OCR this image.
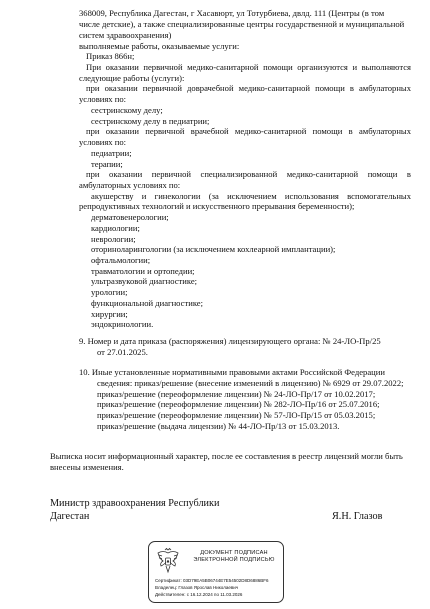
368009, Республика Дагестан, г Хасавюрт, ул Тотурбиева, двлд. 111 (Центры (в том
числе детские), а также специализированные центры государственной и муниципальной
систем здравоохранения)
выполняемые работы, оказываемые услуги:
Приказ 866н;
При оказании первичной медико-санитарной помощи организуются и выполняются
следующие работы (услуги):
при оказании первичной доврачебной медико-санитарной помощи в амбулаторных
условиях по:
сестринскому делу;
сестринскому делу в педиатрии;
при оказании первичной врачебной медико-санитарной помощи в амбулаторных
условиях по:
педиатрии;
терапии;
при оказании первичной специализированной медико-санитарной помощи в
амбулаторных условиях по:
акушерству и гинекологии (за исключением использования вспомогательных
репродуктивных технологий и искусственного прерывания беременности);
дерматовенерологии;
кардиологии;
неврологии;
оториноларингологии (за исключением кохлеарной имплантации);
офтальмологии;
травматологии и ортопедии;
ультразвуковой диагностике;
урологии;
функциональной диагностике;
хирургии;
эндокринологии.
9. Номер и дата приказа (распоряжения) лицензирующего органа: № 24-ЛО-Пр/25
от 27.01.2025.
10. Иные установленные нормативными правовыми актами Российской Федерации
сведения: приказ/решение (внесение изменений в лицензию) № 6929 от 29.07.2022;
приказ/решение (переоформление лицензии) № 24-ЛО-Пр/17 от 10.02.2017;
приказ/решение (переоформление лицензии) № 282-ЛО-Пр/16 от 25.07.2016;
приказ/решение (переоформление лицензии) № 57-ЛО-Пр/15 от 05.03.2015;
приказ/решение (выдача лицензии) № 44-ЛО-Пр/13 от 15.03.2013.
Выписка носит информационный характер, после ее составления в реестр лицензий могли быть
внесены изменения.
Министр здравоохранения Республики
Дагестан	Я.Н. Глазов
ДОКУМЕНТ ПОДПИСАН
ЭЛЕКТРОННОЙ ПОДПИСЬЮ
Сертификат: 03D79EA5B06744E7E54502D8D6886BF6
Владелец: Глазов Ярослав Николаевич
Действителен: с 16.12.2024 по 11.03.2026
